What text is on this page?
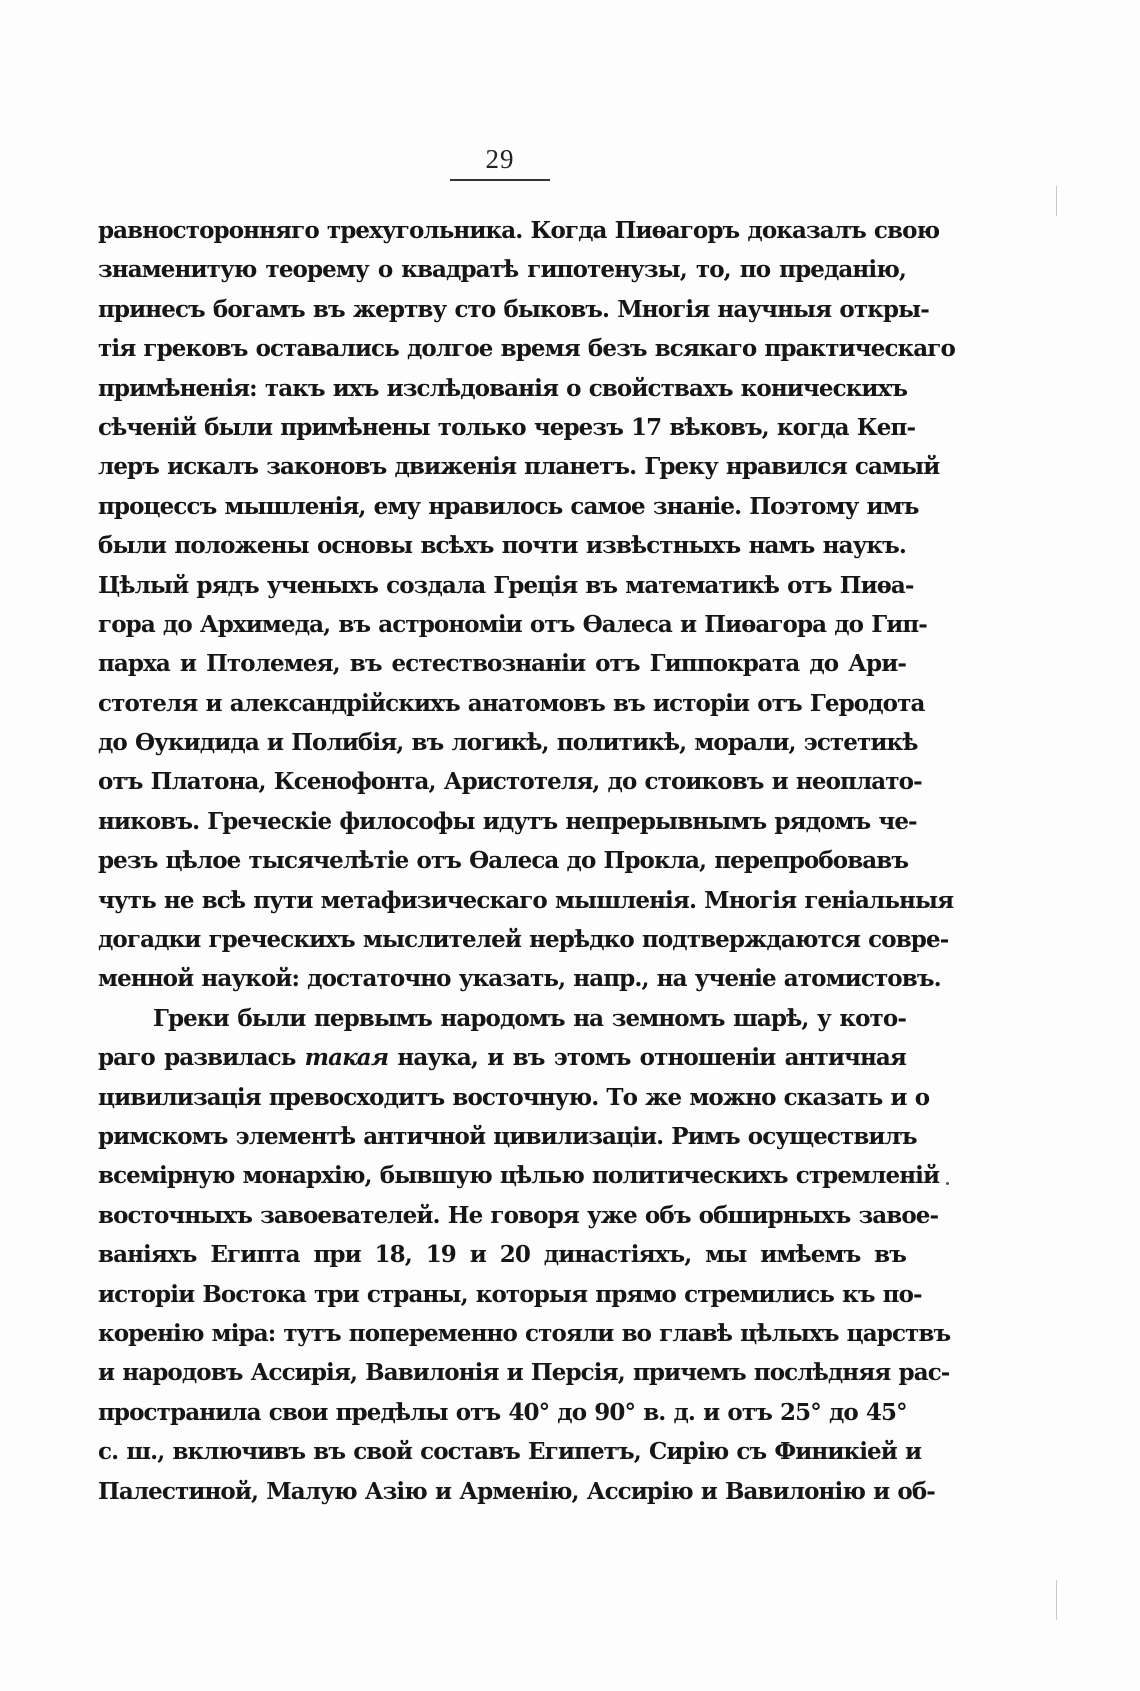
29
равносторонняго трехугольника. Когда Пиѳагоръ доказалъ свою
знаменитую теорему о квадратѣ гипотенузы, то, по преданію,
принесъ богамъ въ жертву сто быковъ. Многія научныя откры-
тія грековъ оставались долгое время безъ всякаго практическаго
примѣненія: такъ ихъ изслѣдованія о свойствахъ коническихъ
сѣченій были примѣнены только черезъ 17 вѣковъ, когда Кеп-
леръ искалъ законовъ движенія планетъ. Греку нравился самый
процессъ мышленія, ему нравилось самое знаніе. Поэтому имъ
были положены основы всѣхъ почти извѣстныхъ намъ наукъ.
Цѣлый рядъ ученыхъ создала Греція въ математикѣ отъ Пиѳа-
гора до Архимеда, въ астрономіи отъ Ѳалеса и Пиѳагора до Гип-
парха и Птолемея, въ естествознаніи отъ Гиппократа до Ари-
стотеля и александрійскихъ анатомовъ въ исторіи отъ Геродота
до Ѳукидида и Полибія, въ логикѣ, политикѣ, морали, эстетикѣ
отъ Платона, Ксенофонта, Аристотеля, до стоиковъ и неоплато-
никовъ. Греческіе философы идутъ непрерывнымъ рядомъ че-
резъ цѣлое тысячелѣтіе отъ Ѳалеса до Прокла, перепробовавъ
чуть не всѣ пути метафизическаго мышленія. Многія геніальныя
догадки греческихъ мыслителей нерѣдко подтверждаются совре-
менной наукой: достаточно указать, напр., на ученіе атомистовъ.
Греки были первымъ народомъ на земномъ шарѣ, у кото-
раго развилась такая наука, и въ этомъ отношеніи античная
цивилизація превосходитъ восточную. То же можно сказать и о
римскомъ элементѣ античной цивилизаціи. Римъ осуществилъ
всемірную монархію, бывшую цѣлью политическихъ стремленій
восточныхъ завоевателей. Не говоря уже объ обширныхъ завое-
ваніяхъ Египта при 18, 19 и 20 династіяхъ, мы имѣемъ въ
исторіи Востока три страны, которыя прямо стремились къ по-
коренію міра: тутъ попеременно стояли во главѣ цѣлыхъ царствъ
и народовъ Ассирія, Вавилонія и Персія, причемъ послѣдняя рас-
пространила свои предѣлы отъ 40° до 90° в. д. и отъ 25° до 45°
с. ш., включивъ въ свой составъ Египетъ, Сирію съ Финикіей и
Палестиной, Малую Азію и Арменію, Ассирію и Вавилонію и об-
